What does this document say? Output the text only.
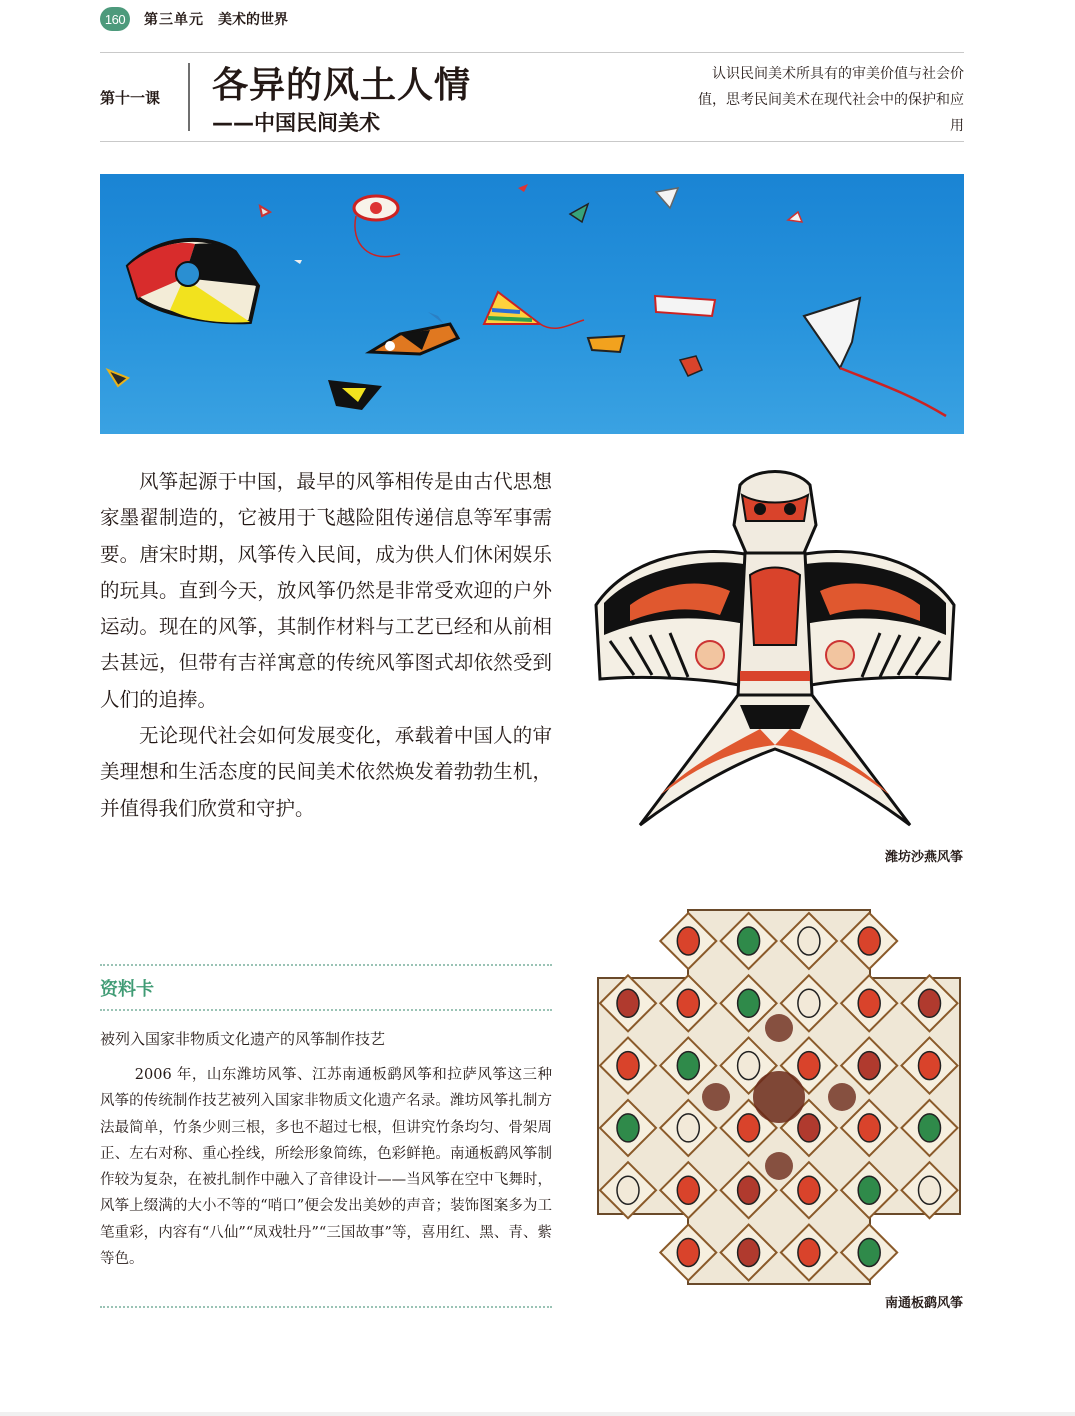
160	第三单元 美术的世界
第十一课 各异的风土人情
——中国民间美术
认识民间美术所具有的审美价值与社会价值，思考民间美术在现代社会中的保护和应用

风筝起源于中国，最早的风筝相传是由古代思想家墨翟制造的，它被用于飞越险阻传递信息等军事需要。唐宋时期，风筝传入民间，成为供人们休闲娱乐的玩具。直到今天，放风筝仍然是非常受欢迎的户外运动。现在的风筝，其制作材料与工艺已经和从前相去甚远，但带有吉祥寓意的传统风筝图式却依然受到人们的追捧。

无论现代社会如何发展变化，承载着中国人的审美理想和生活态度的民间美术依然焕发着勃勃生机，并值得我们欣赏和守护。

潍坊沙燕风筝
南通板鹞风筝
资料卡
被列入国家非物质文化遗产的风筝制作技艺

2006 年，山东潍坊风筝、江苏南通板鹞风筝和拉萨风筝这三种风筝的传统制作技艺被列入国家非物质文化遗产名录。潍坊风筝扎制方法最简单，竹条少则三根，多也不超过七根，但讲究竹条均匀、骨架周正、左右对称、重心拴线，所绘形象简练，色彩鲜艳。南通板鹞风筝制作较为复杂，在被扎制作中融入了音律设计——当风筝在空中飞舞时，风筝上缀满的大小不等的“哨口”便会发出美妙的声音；装饰图案多为工笔重彩，内容有“八仙”“凤戏牡丹”“三国故事”等，喜用红、黑、青、紫等色。
